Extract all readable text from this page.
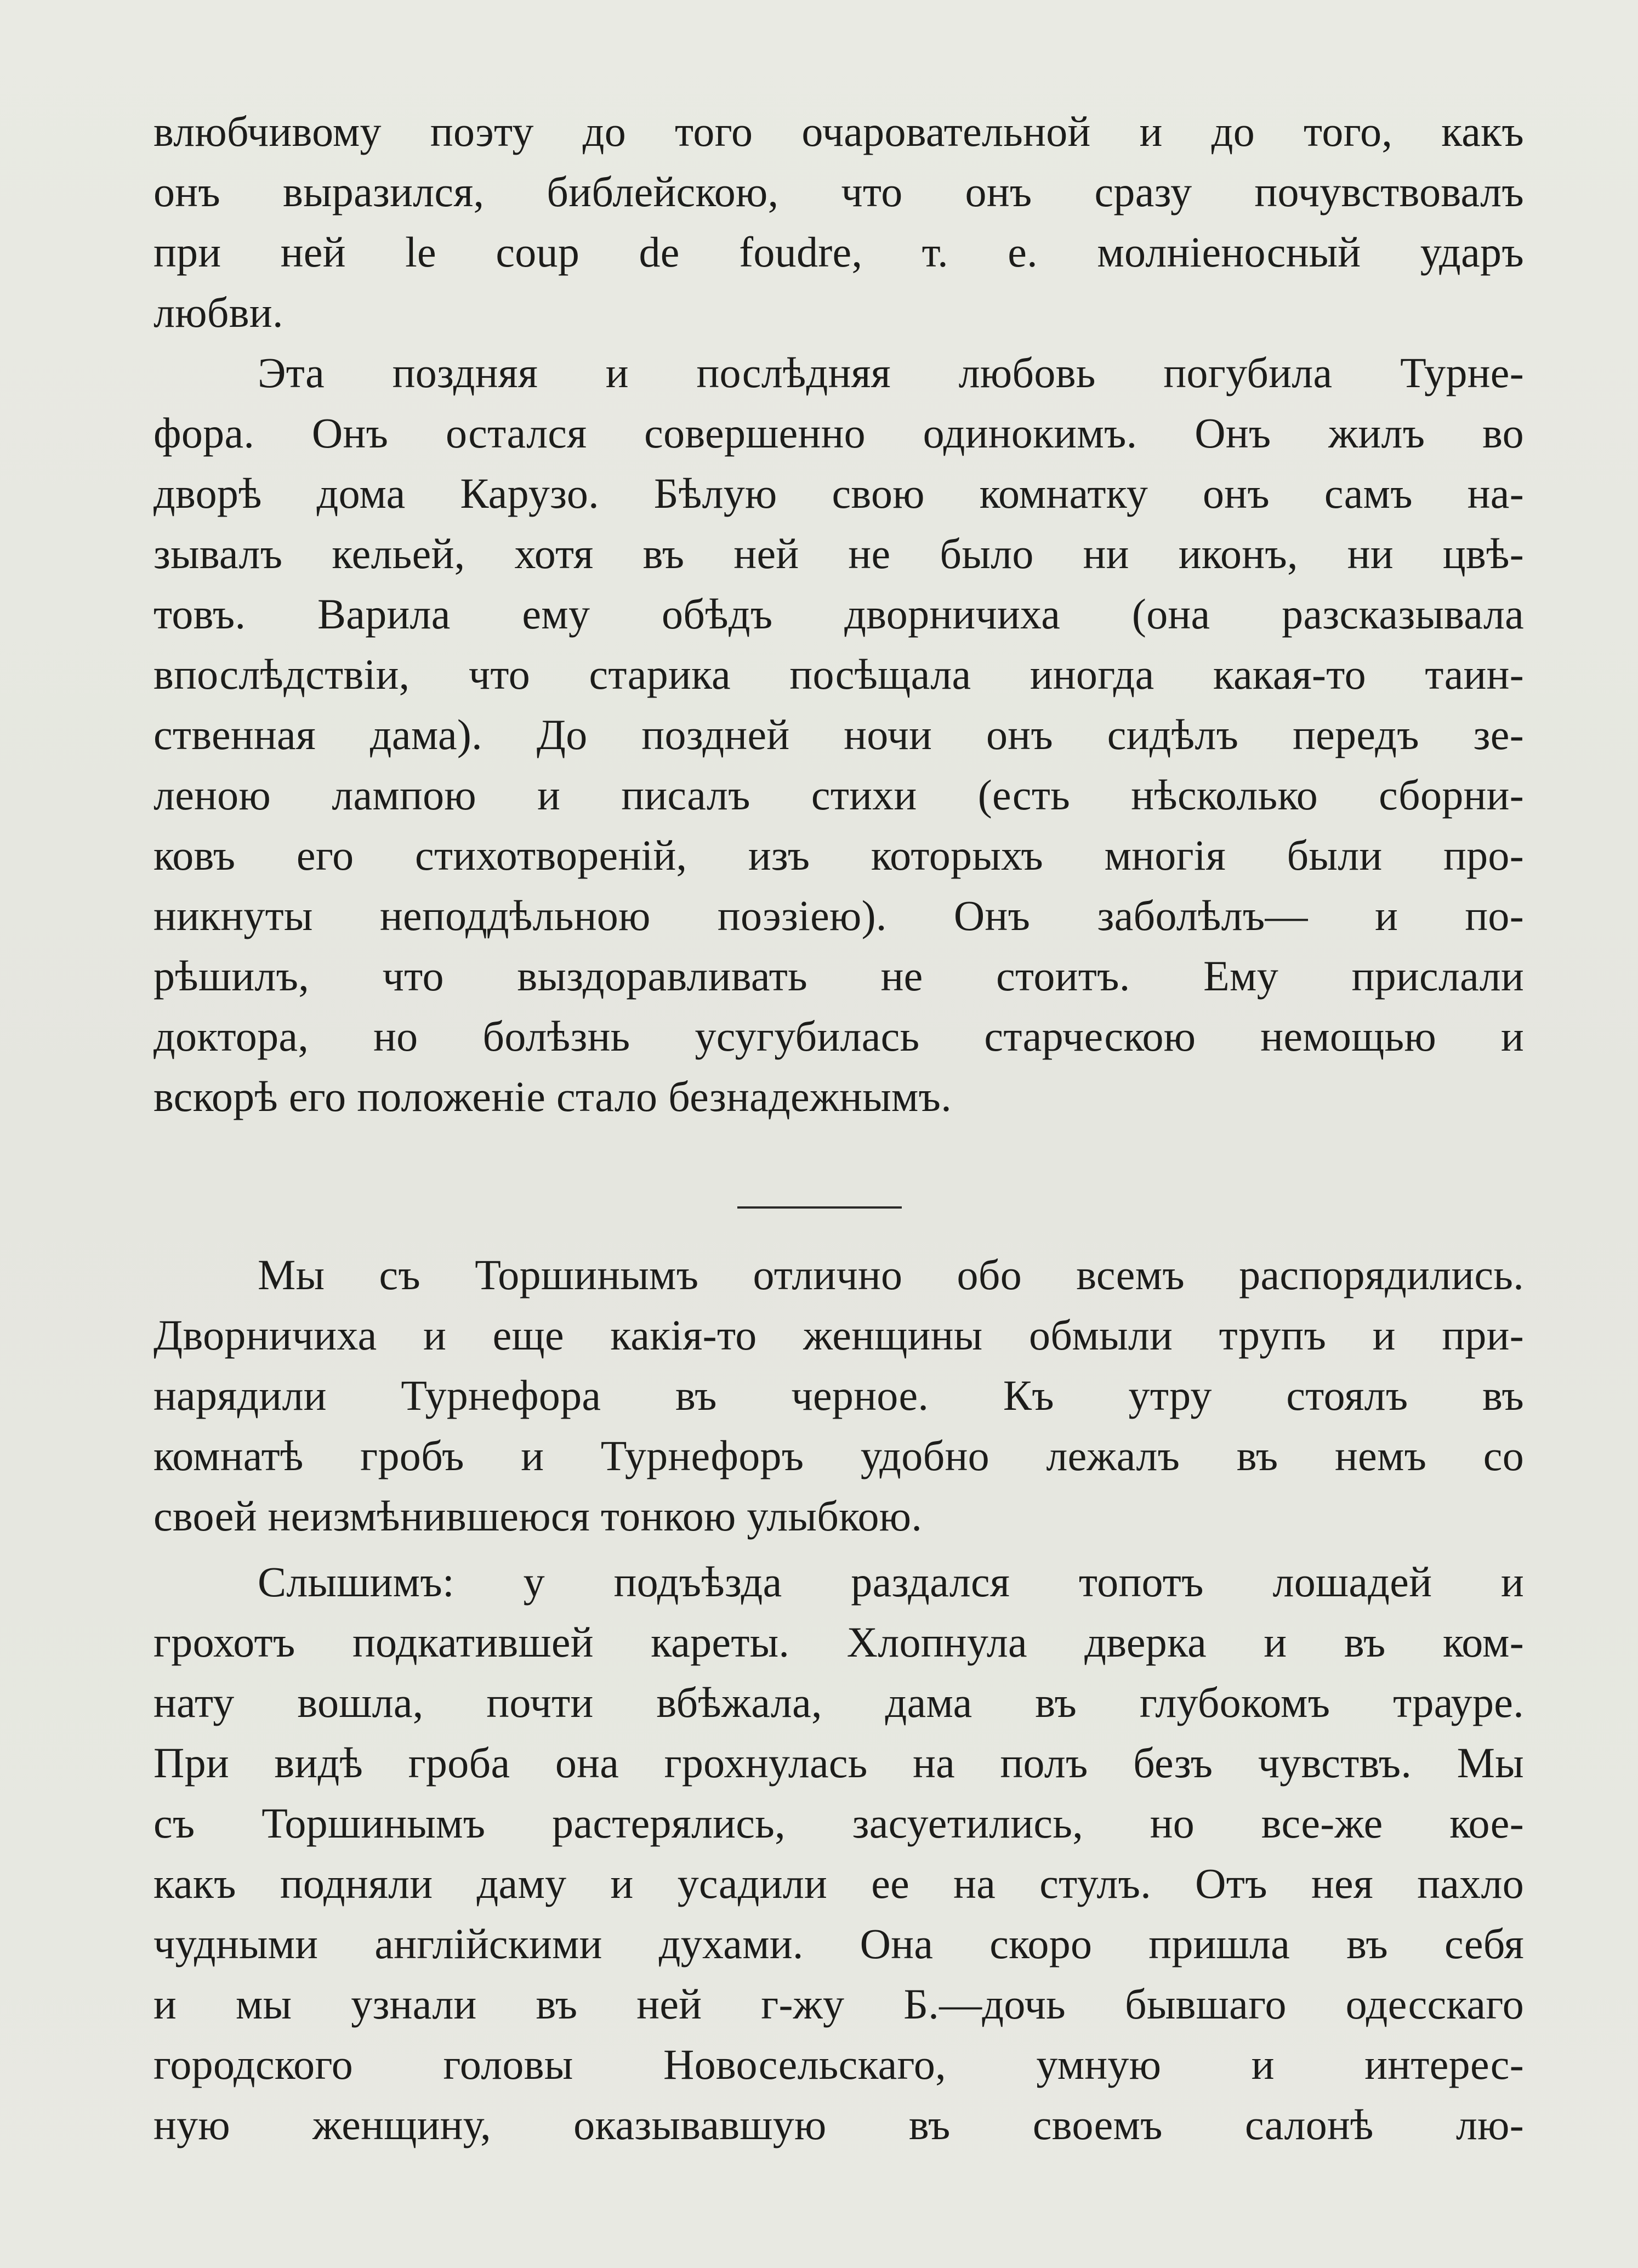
влюбчивому поэту до того очаровательной и до того, какъ
онъ выразился, библейскою, что онъ сразу почувствовалъ
при ней le coup de foudre, т. е. молніеносный ударъ
любви.
Эта поздняя и послѣдняя любовь погубила Турне-
фора. Онъ остался совершенно одинокимъ. Онъ жилъ во
дворѣ дома Карузо. Бѣлую свою комнатку онъ самъ на-
зывалъ кельей, хотя въ ней не было ни иконъ, ни цвѣ-
товъ. Варила ему обѣдъ дворничиха (она разсказывала
впослѣдствіи, что старика посѣщала иногда какая-то таин-
ственная дама). До поздней ночи онъ сидѣлъ передъ зе-
леною лампою и писалъ стихи (есть нѣсколько сборни-
ковъ его стихотвореній, изъ которыхъ многія были про-
никнуты неподдѣльною поэзіею). Онъ заболѣлъ— и по-
рѣшилъ, что выздоравливать не стоитъ. Ему прислали
доктора, но болѣзнь усугубилась старческою немощью и
вскорѣ его положеніе стало безнадежнымъ.
Мы съ Торшинымъ отлично обо всемъ распорядились.
Дворничиха и еще какія-то женщины обмыли трупъ и при-
нарядили Турнефора въ черное. Къ утру стоялъ въ
комнатѣ гробъ и Турнефоръ удобно лежалъ въ немъ со
своей неизмѣнившеюся тонкою улыбкою.
Слышимъ: у подъѣзда раздался топотъ лошадей и
грохотъ подкатившей кареты. Хлопнула дверка и въ ком-
нату вошла, почти вбѣжала, дама въ глубокомъ трауре.
При видѣ гроба она грохнулась на полъ безъ чувствъ. Мы
съ Торшинымъ растерялись, засуетились, но все-же кое-
какъ подняли даму и усадили ее на стулъ. Отъ нея пахло
чудными англійскими духами. Она скоро пришла въ себя
и мы узнали въ ней г-жу Б.—дочь бывшаго одесскаго
городского головы Новосельскаго, умную и интерес-
ную женщину, оказывавшую въ своемъ салонѣ лю-
